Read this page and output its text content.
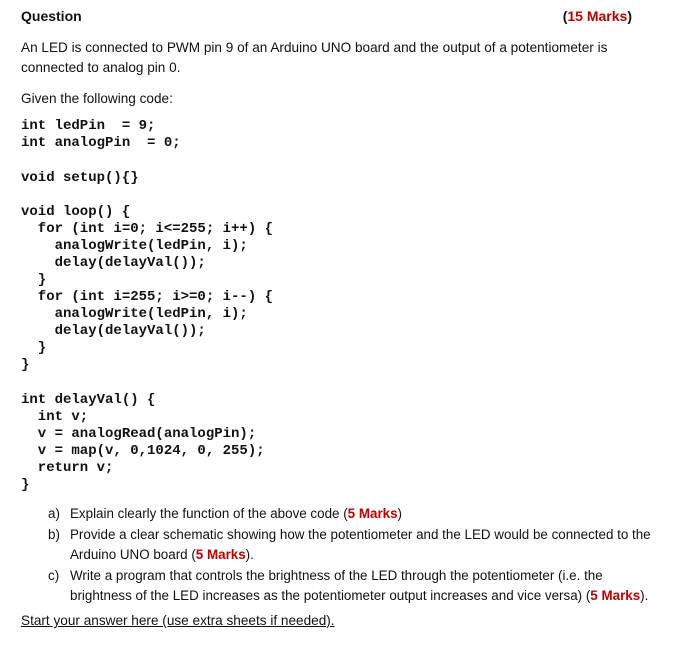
Question	(15 Marks)
An LED is connected to PWM pin 9 of an Arduino UNO board and the output of a potentiometer is connected to analog pin 0.
Given the following code:
int ledPin  = 9;
int analogPin  = 0;
void setup(){}
void loop() {
for (int i=0; i<=255; i++) {
analogWrite(ledPin, i);
delay(delayVal());
}
for (int i=255; i>=0; i--) {
analogWrite(ledPin, i);
delay(delayVal());
}
}
int delayVal() {
int v;
v = analogRead(analogPin);
v = map(v, 0,1024, 0, 255);
return v;
}
a) Explain clearly the function of the above code (5 Marks)
b) Provide a clear schematic showing how the potentiometer and the LED would be connected to the Arduino UNO board (5 Marks).
c) Write a program that controls the brightness of the LED through the potentiometer (i.e. the brightness of the LED increases as the potentiometer output increases and vice versa) (5 Marks).
Start your answer here (use extra sheets if needed).
